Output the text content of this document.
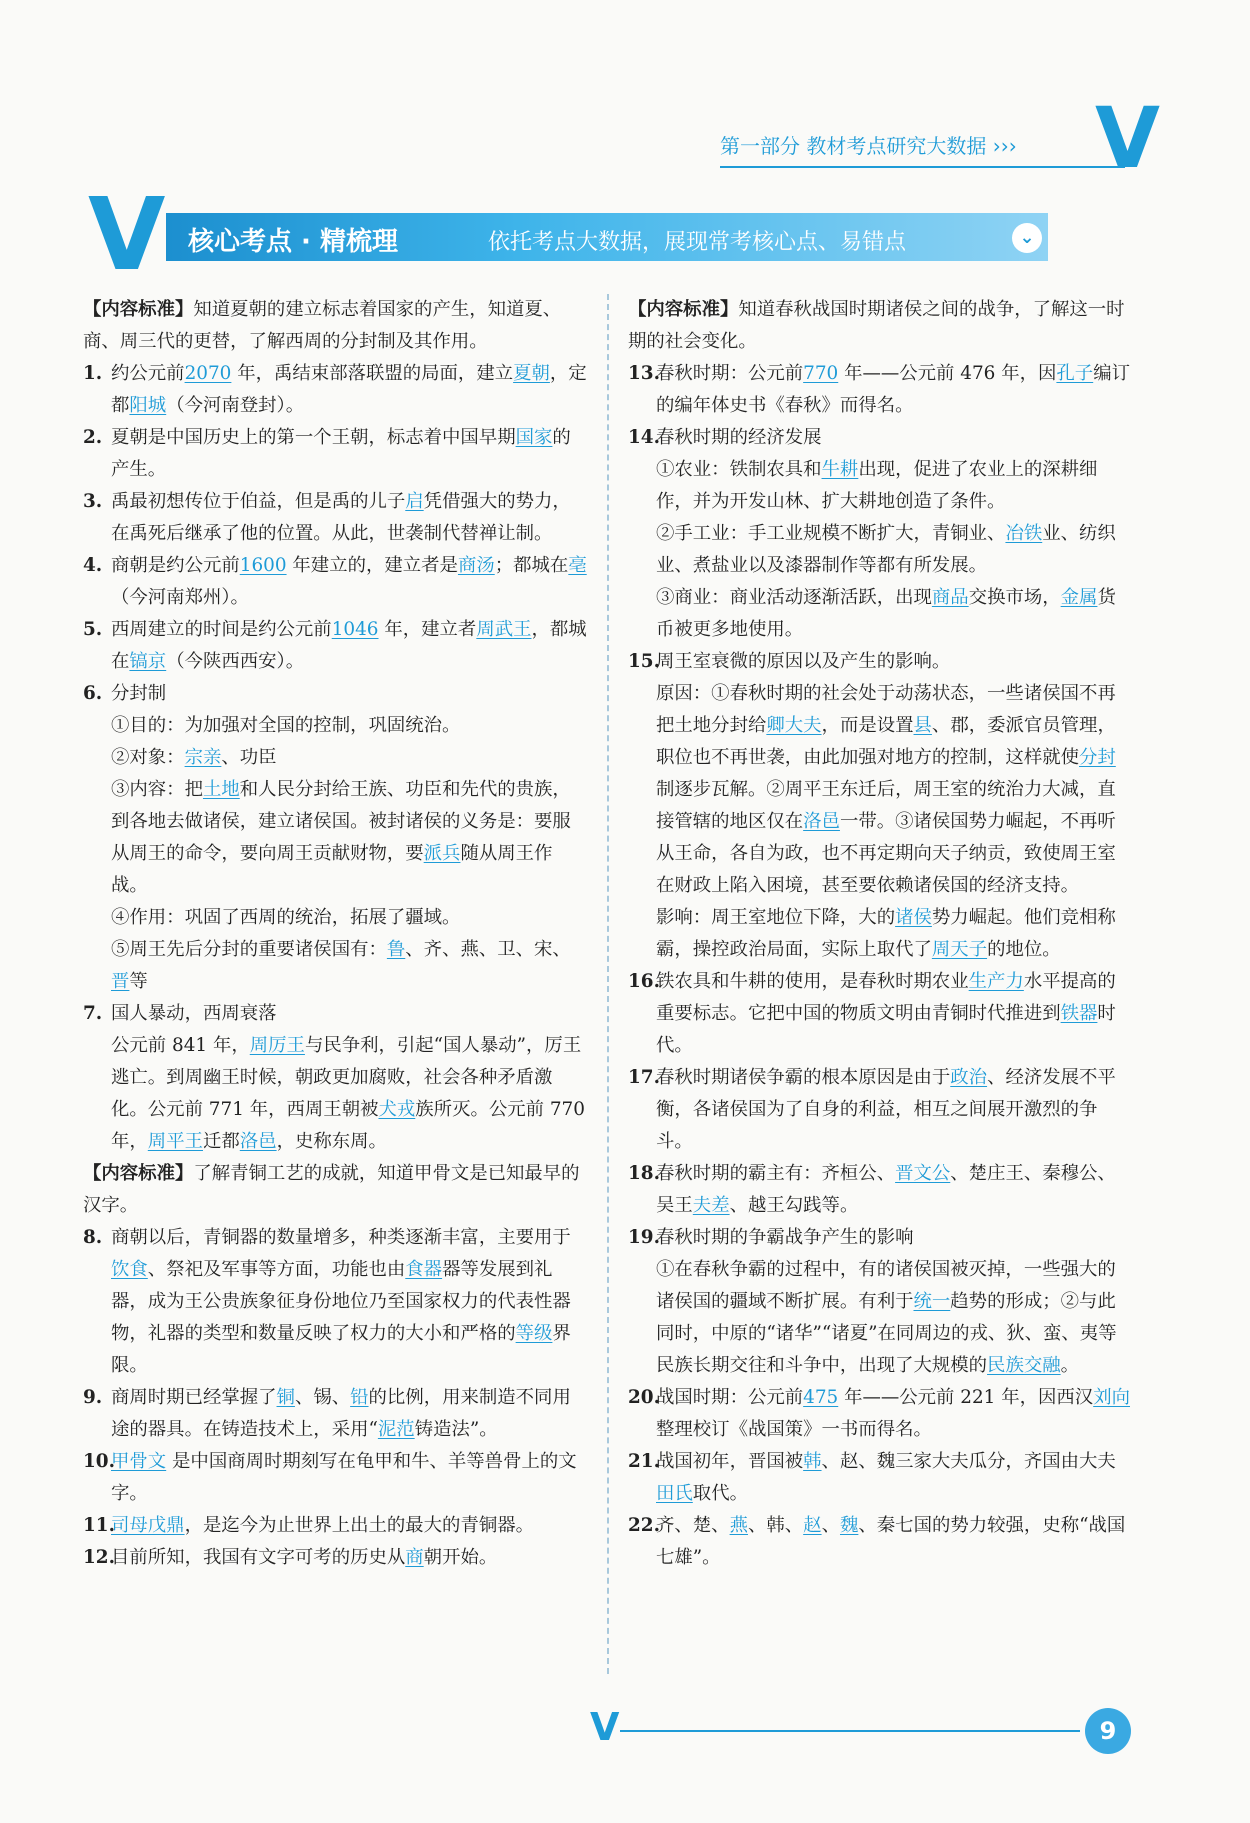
第一部分 教材考点研究大数据 ››› V
V 核心考点 · 精梳理	依托考点大数据，展现常考核心点、易错点	⌄

【内容标准】知道夏朝的建立标志着国家的产生，知道夏、商、周三代的更替，了解西周的分封制及其作用。

1. 约公元前2070 年，禹结束部落联盟的局面，建立夏朝，定都阳城（今河南登封）。

2. 夏朝是中国历史上的第一个王朝，标志着中国早期国家的产生。

3. 禹最初想传位于伯益，但是禹的儿子启凭借强大的势力，在禹死后继承了他的位置。从此，世袭制代替禅让制。

4. 商朝是约公元前1600 年建立的，建立者是商汤；都城在亳（今河南郑州）。

5. 西周建立的时间是约公元前1046 年，建立者周武王，都城在镐京（今陕西西安）。

6. 分封制

①目的：为加强对全国的控制，巩固统治。

②对象：宗亲、功臣

③内容：把土地和人民分封给王族、功臣和先代的贵族，到各地去做诸侯，建立诸侯国。被封诸侯的义务是：要服从周王的命令，要向周王贡献财物，要派兵随从周王作战。

④作用：巩固了西周的统治，拓展了疆域。

⑤周王先后分封的重要诸侯国有：鲁、齐、燕、卫、宋、晋等

7. 国人暴动，西周衰落

公元前 841 年，周厉王与民争利，引起“国人暴动”，厉王逃亡。到周幽王时候，朝政更加腐败，社会各种矛盾激化。公元前 771 年，西周王朝被犬戎族所灭。公元前 770 年，周平王迁都洛邑，史称东周。

【内容标准】了解青铜工艺的成就，知道甲骨文是已知最早的汉字。

8. 商朝以后，青铜器的数量增多，种类逐渐丰富，主要用于饮食、祭祀及军事等方面，功能也由食器器等发展到礼器，成为王公贵族象征身份地位乃至国家权力的代表性器物，礼器的类型和数量反映了权力的大小和严格的等级界限。

9. 商周时期已经掌握了铜、锡、铅的比例，用来制造不同用途的器具。在铸造技术上，采用“泥范铸造法”。

10.
甲骨文 是中国商周时期刻写在龟甲和牛、羊等兽骨上的文字。

11.
司母戊鼎，是迄今为止世界上出土的最大的青铜器。

12.
目前所知，我国有文字可考的历史从商朝开始。

【内容标准】知道春秋战国时期诸侯之间的战争，了解这一时期的社会变化。

13.
春秋时期：公元前770 年——公元前 476 年，因孔子编订的编年体史书《春秋》而得名。

14.
春秋时期的经济发展

①农业：铁制农具和牛耕出现，促进了农业上的深耕细作，并为开发山林、扩大耕地创造了条件。

②手工业：手工业规模不断扩大，青铜业、冶铁业、纺织业、煮盐业以及漆器制作等都有所发展。

③商业：商业活动逐渐活跃，出现商品交换市场，金属货币被更多地使用。

15.
周王室衰微的原因以及产生的影响。

原因：①春秋时期的社会处于动荡状态，一些诸侯国不再把土地分封给卿大夫，而是设置县、郡，委派官员管理，职位也不再世袭，由此加强对地方的控制，这样就使分封制逐步瓦解。②周平王东迁后，周王室的统治力大减，直接管辖的地区仅在洛邑一带。③诸侯国势力崛起，不再听从王命，各自为政，也不再定期向天子纳贡，致使周王室在财政上陷入困境，甚至要依赖诸侯国的经济支持。

影响：周王室地位下降，大的诸侯势力崛起。他们竞相称霸，操控政治局面，实际上取代了周天子的地位。

16.
铁农具和牛耕的使用，是春秋时期农业生产力水平提高的重要标志。它把中国的物质文明由青铜时代推进到铁器时代。

17.
春秋时期诸侯争霸的根本原因是由于政治、经济发展不平衡，各诸侯国为了自身的利益，相互之间展开激烈的争斗。

18.
春秋时期的霸主有：齐桓公、晋文公、楚庄王、秦穆公、吴王夫差、越王勾践等。

19.
春秋时期的争霸战争产生的影响

①在春秋争霸的过程中，有的诸侯国被灭掉，一些强大的诸侯国的疆域不断扩展。有利于统一趋势的形成；②与此同时，中原的“诸华”“诸夏”在同周边的戎、狄、蛮、夷等民族长期交往和斗争中，出现了大规模的民族交融。

20.
战国时期：公元前475 年——公元前 221 年，因西汉刘向整理校订《战国策》一书而得名。

21.
战国初年，晋国被韩、赵、魏三家大夫瓜分，齐国由大夫田氏取代。

22.
齐、楚、燕、韩、赵、魏、秦七国的势力较强，史称“战国七雄”。

V	9
